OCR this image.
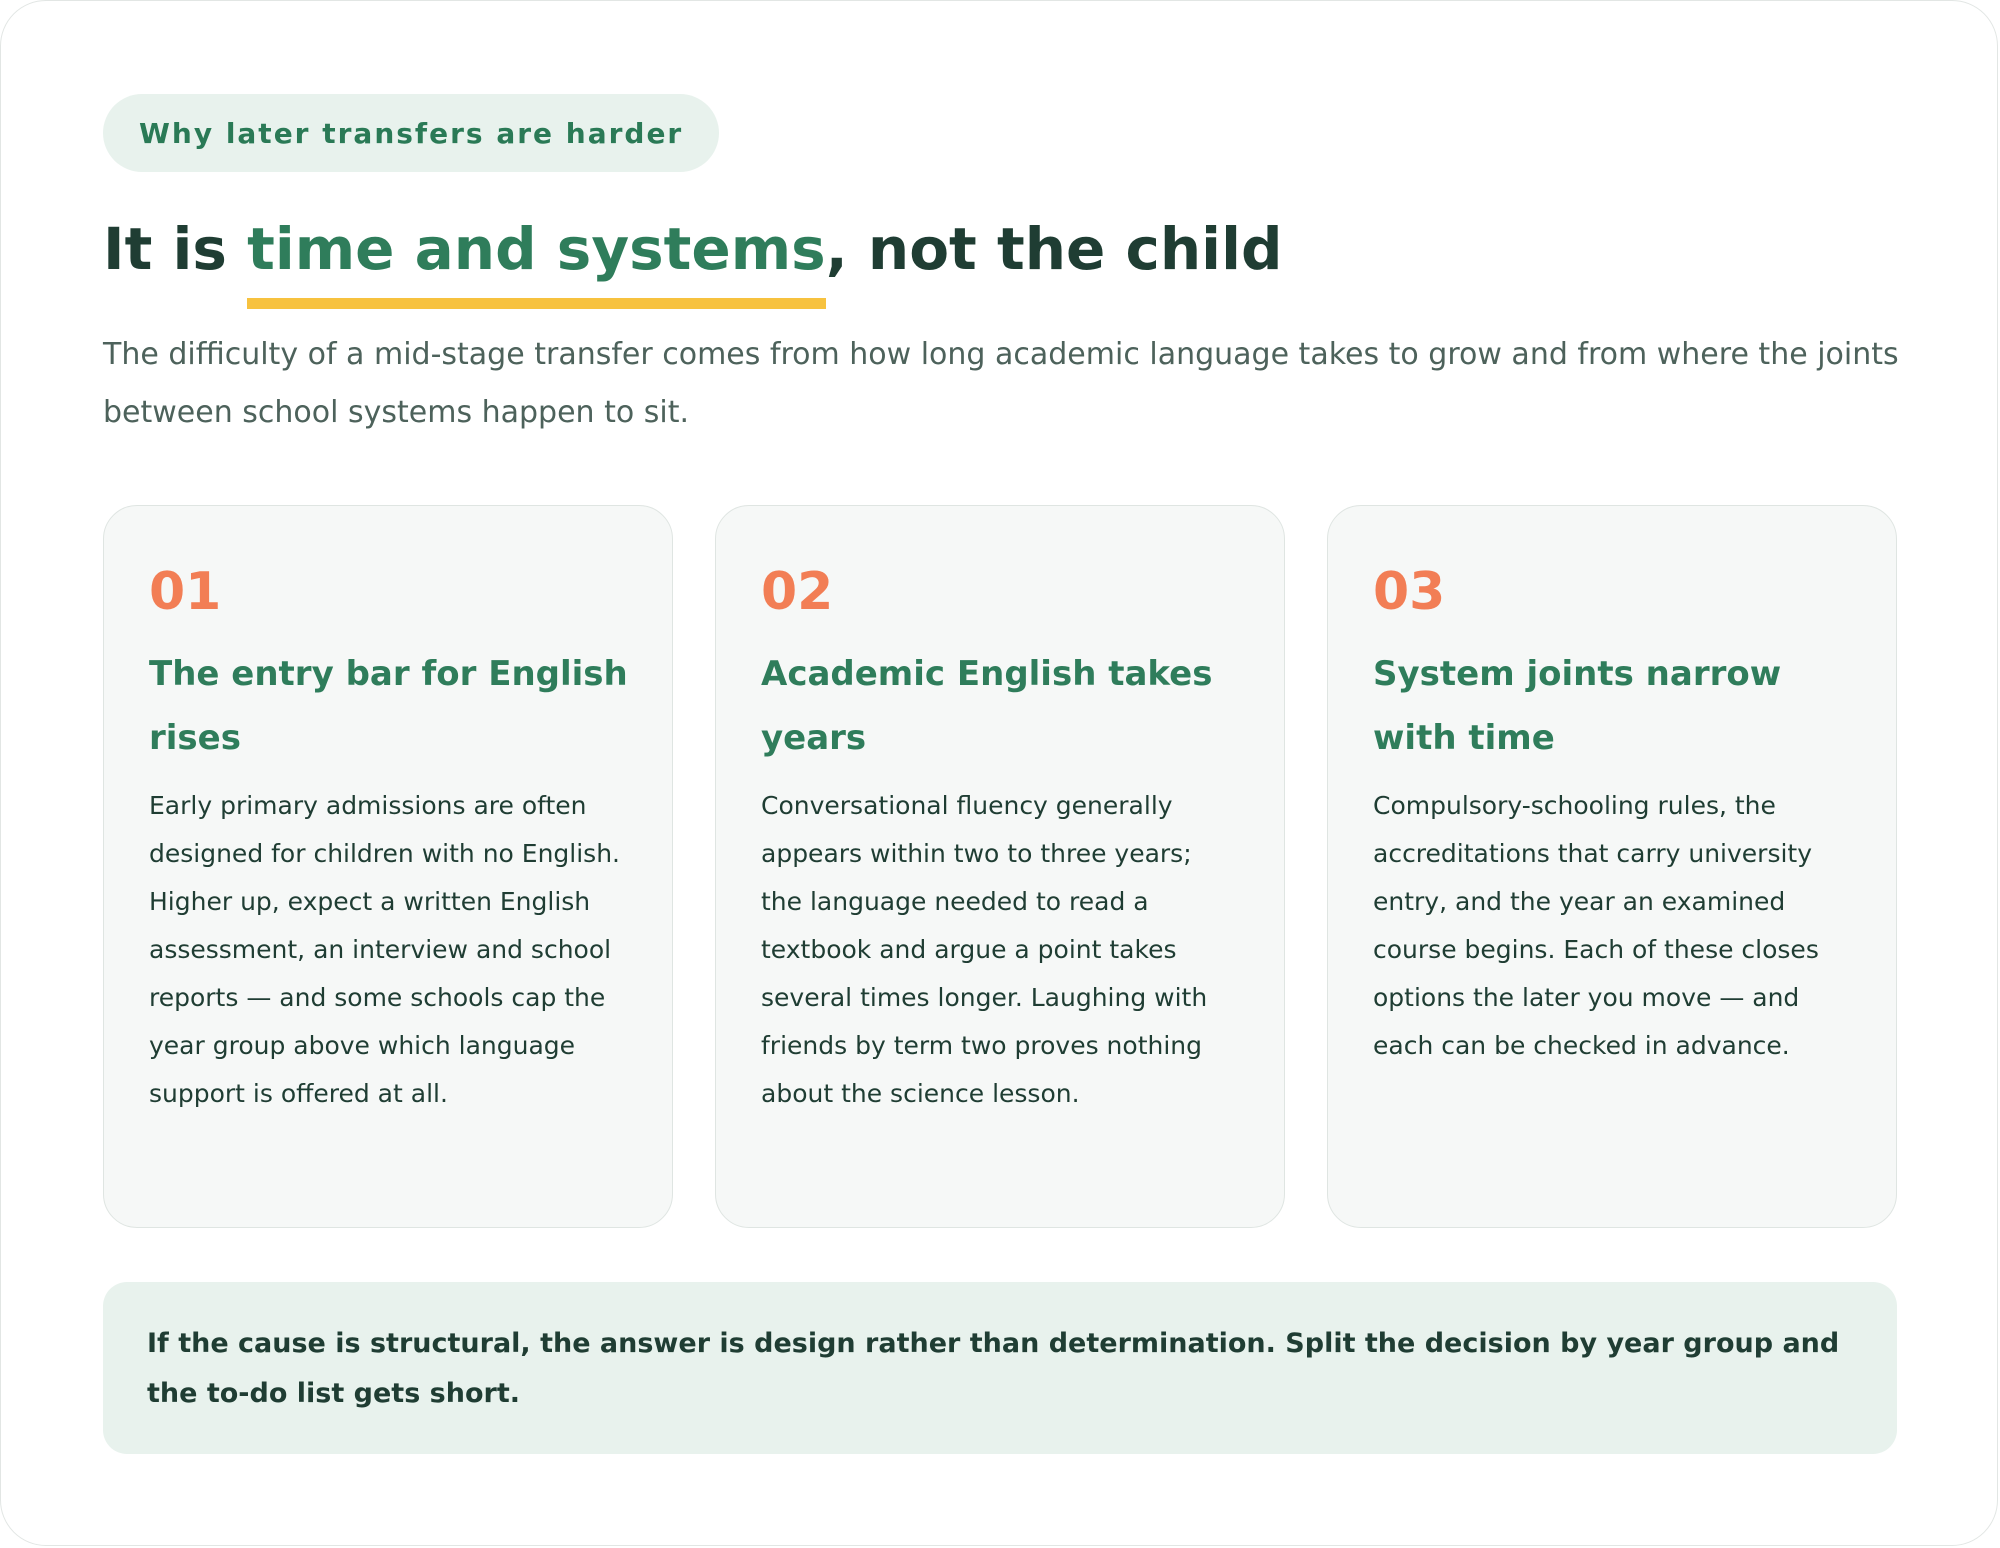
Why later transfers are harder
It is time and systems, not the child

The difficulty of a mid-stage transfer comes from how long academic language takes to grow and from where the joints between school systems happen to sit.

01
The entry bar for English rises

Early primary admissions are often designed for children with no English. Higher up, expect a written English assessment, an interview and school reports — and some schools cap the year group above which language support is offered at all.

02
Academic English takes years

Conversational fluency generally appears within two to three years; the language needed to read a textbook and argue a point takes several times longer. Laughing with friends by term two proves nothing about the science lesson.

03
System joints narrow with time

Compulsory-schooling rules, the accreditations that carry university entry, and the year an examined course begins. Each of these closes options the later you move — and each can be checked in advance.

If the cause is structural, the answer is design rather than determination. Split the decision by year group and the to-do list gets short.
